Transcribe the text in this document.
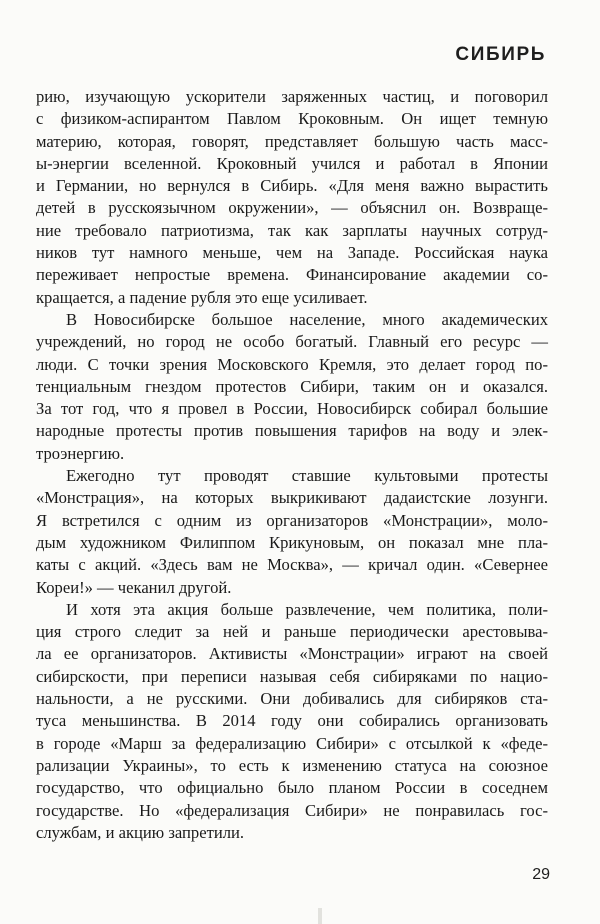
СИБИРЬ
рию, изучающую ускорители заряженных частиц, и поговорил
с физиком-аспирантом Павлом Кроковным. Он ищет темную
материю, которая, говорят, представляет большую часть масс-
ы-энергии вселенной. Кроковный учился и работал в Японии
и Германии, но вернулся в Сибирь. «Для меня важно вырастить
детей в русскоязычном окружении», — объяснил он. Возвраще-
ние требовало патриотизма, так как зарплаты научных сотруд-
ников тут намного меньше, чем на Западе. Российская наука
переживает непростые времена. Финансирование академии со-
кращается, а падение рубля это еще усиливает.
В Новосибирске большое население, много академических
учреждений, но город не особо богатый. Главный его ресурс —
люди. С точки зрения Московского Кремля, это делает город по-
тенциальным гнездом протестов Сибири, таким он и оказался.
За тот год, что я провел в России, Новосибирск собирал большие
народные протесты против повышения тарифов на воду и элек-
троэнергию.
Ежегодно тут проводят ставшие культовыми протесты
«Монстрация», на которых выкрикивают дадаистские лозунги.
Я встретился с одним из организаторов «Монстрации», моло-
дым художником Филиппом Крикуновым, он показал мне пла-
каты с акций. «Здесь вам не Москва», — кричал один. «Севернее
Кореи!» — чеканил другой.
И хотя эта акция больше развлечение, чем политика, поли-
ция строго следит за ней и раньше периодически арестовыва-
ла ее организаторов. Активисты «Монстрации» играют на своей
сибирскости, при переписи называя себя сибиряками по нацио-
нальности, а не русскими. Они добивались для сибиряков ста-
туса меньшинства. В 2014 году они собирались организовать
в городе «Марш за федерализацию Сибири» с отсылкой к «феде-
рализации Украины», то есть к изменению статуса на союзное
государство, что официально было планом России в соседнем
государстве. Но «федерализация Сибири» не понравилась гос-
службам, и акцию запретили.
29
